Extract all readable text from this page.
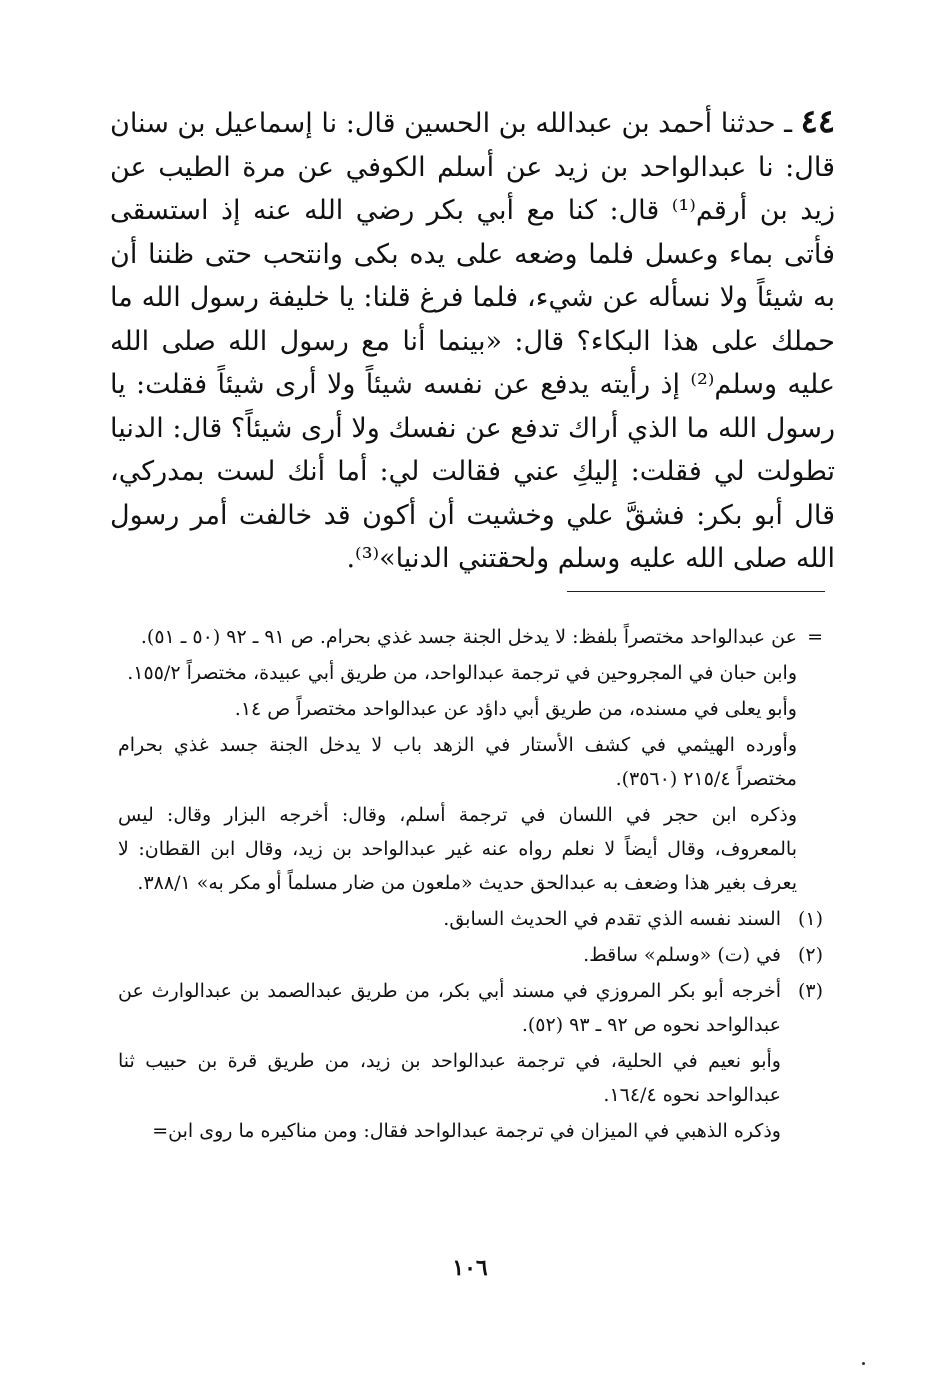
٤٤ ـ حدثنا أحمد بن عبدالله بن الحسين قال: نا إسماعيل بن سنان قال: نا عبدالواحد بن زيد عن أسلم الكوفي عن مرة الطيب عن زيد بن أرقم⁽¹⁾ قال: كنا مع أبي بكر رضي الله عنه إذ استسقى فأتى بماء وعسل فلما وضعه على يده بكى وانتحب حتى ظننا أن به شيئاً ولا نسأله عن شيء، فلما فرغ قلنا: يا خليفة رسول الله ما حملك على هذا البكاء؟ قال: «بينما أنا مع رسول الله صلى الله عليه وسلم⁽²⁾ إذ رأيته يدفع عن نفسه شيئاً ولا أرى شيئاً فقلت: يا رسول الله ما الذي أراك تدفع عن نفسك ولا أرى شيئاً؟ قال: الدنيا تطولت لي فقلت: إليكِ عني فقالت لي: أما أنك لست بمدركي، قال أبو بكر: فشقَّ علي وخشيت أن أكون قد خالفت أمر رسول الله صلى الله عليه وسلم ولحقتني الدنيا»⁽³⁾.

=
عن عبدالواحد مختصراً بلفظ: لا يدخل الجنة جسد غذي بحرام. ص ٩١ ـ ٩٢ (٥٠ ـ ٥١).
وابن حبان في المجروحين في ترجمة عبدالواحد، من طريق أبي عبيدة، مختصراً ١٥٥/٢.
وأبو يعلى في مسنده، من طريق أبي داؤد عن عبدالواحد مختصراً ص ١٤.
وأورده الهيثمي في كشف الأستار في الزهد باب لا يدخل الجنة جسد غذي بحرام مختصراً ٢١٥/٤ (٣٥٦٠).
وذكره ابن حجر في اللسان في ترجمة أسلم، وقال: أخرجه البزار وقال: ليس بالمعروف، وقال أيضاً لا نعلم رواه عنه غير عبدالواحد بن زيد، وقال ابن القطان: لا يعرف بغير هذا وضعف به عبدالحق حديث «ملعون من ضار مسلماً أو مكر به» ٣٨٨/١.
(١)
السند نفسه الذي تقدم في الحديث السابق.
(٢)
في (ت) «وسلم» ساقط.
(٣)
أخرجه أبو بكر المروزي في مسند أبي بكر، من طريق عبدالصمد بن عبدالوارث عن عبدالواحد نحوه ص ٩٢ ـ ٩٣ (٥٢).
وأبو نعيم في الحلية، في ترجمة عبدالواحد بن زيد، من طريق قرة بن حبيب ثنا عبدالواحد نحوه ١٦٤/٤.
وذكره الذهبي في الميزان في ترجمة عبدالواحد فقال: ومن مناكيره ما روى ابن=
١٠٦
